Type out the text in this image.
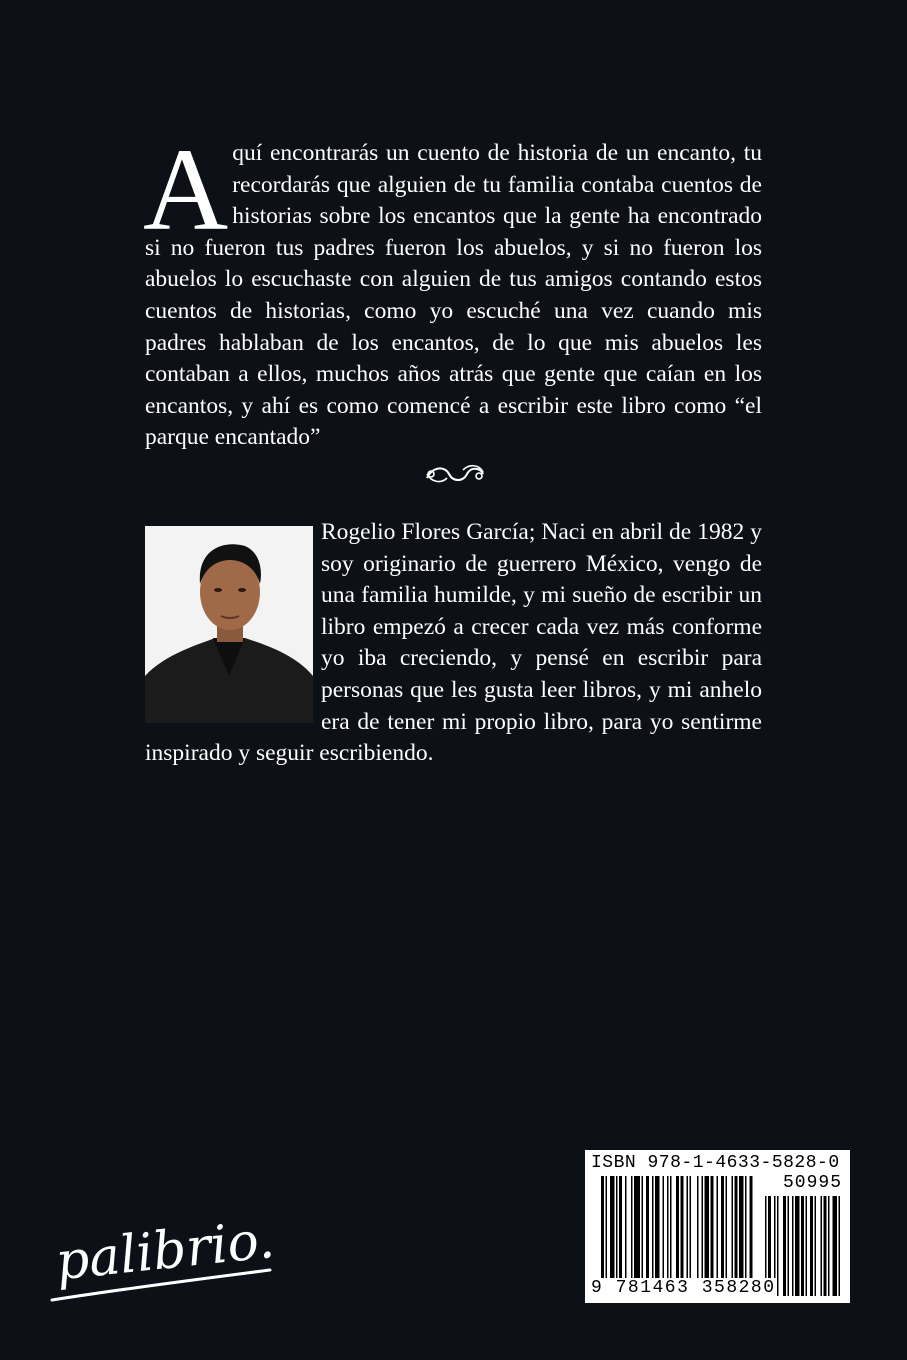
A quí encontrarás un cuento de historia de un encanto, tu recordarás que alguien de tu familia contaba cuentos de historias sobre los encantos que la gente ha encontrado si no fueron tus padres fueron los abuelos, y si no fueron los abuelos lo escuchaste con alguien de tus amigos contando estos cuentos de historias, como yo escuché una vez cuando mis padres hablaban de los encantos, de lo que mis abuelos les contaban a ellos, muchos años atrás que gente que caían en los encantos, y ahí es como comencé a escribir este libro como “el parque encantado”
Rogelio Flores García; Naci en abril de 1982 y soy originario de guerrero México, vengo de una familia humilde, y mi sueño de escribir un libro empezó a crecer cada vez más conforme yo iba creciendo, y pensé en escribir para personas que les gusta leer libros, y mi anhelo era de tener mi propio libro, para yo sentirme inspirado y seguir escribiendo.
palibrio.
ISBN 978-1-4633-5828-0
50995
9 781463 358280
